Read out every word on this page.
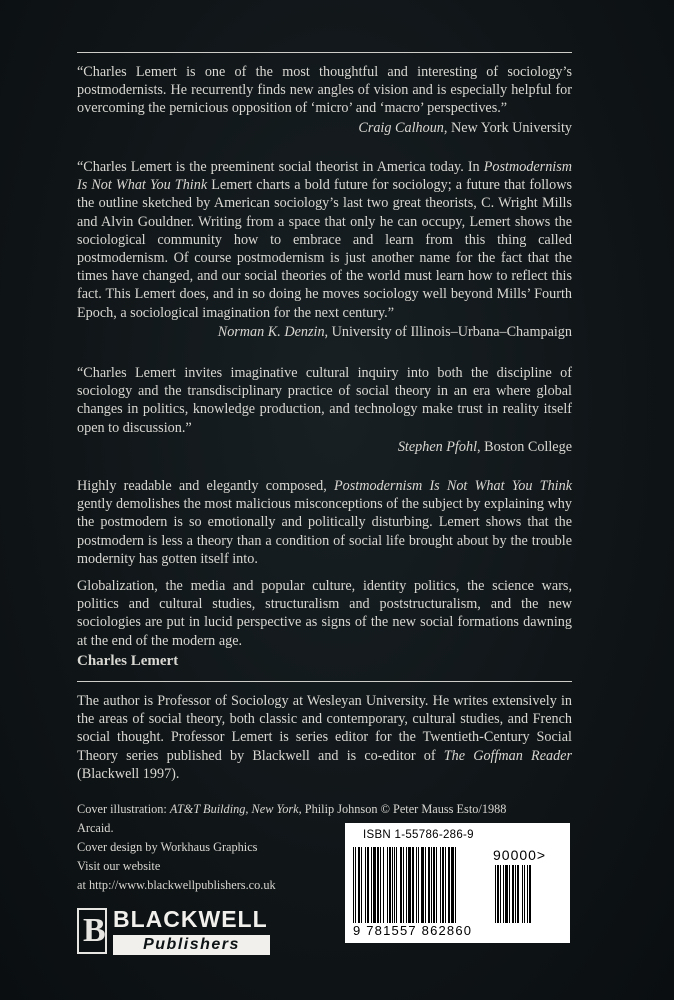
“Charles Lemert is one of the most thoughtful and interesting of sociology’s postmodernists. He recurrently finds new angles of vision and is especially helpful for overcoming the pernicious opposition of ‘micro’ and ‘macro’ perspectives.”

Craig Calhoun, New York University

“Charles Lemert is the preeminent social theorist in America today. In Postmodernism Is Not What You Think Lemert charts a bold future for sociology; a future that follows the outline sketched by American sociology’s last two great theorists, C. Wright Mills and Alvin Gouldner. Writing from a space that only he can occupy, Lemert shows the sociological community how to embrace and learn from this thing called postmodernism. Of course postmodernism is just another name for the fact that the times have changed, and our social theories of the world must learn how to reflect this fact. This Lemert does, and in so doing he moves sociology well beyond Mills’ Fourth Epoch, a sociological imagination for the next century.”

Norman K. Denzin, University of Illinois–Urbana–Champaign

“Charles Lemert invites imaginative cultural inquiry into both the discipline of sociology and the transdisciplinary practice of social theory in an era where global changes in politics, knowledge production, and technology make trust in reality itself open to discussion.”

Stephen Pfohl, Boston College

Highly readable and elegantly composed, Postmodernism Is Not What You Think gently demolishes the most malicious misconceptions of the subject by explaining why the postmodern is so emotionally and politically disturbing. Lemert shows that the postmodern is less a theory than a condition of social life brought about by the trouble modernity has gotten itself into.

Globalization, the media and popular culture, identity politics, the science wars, politics and cultural studies, structuralism and poststructuralism, and the new sociologies are put in lucid perspective as signs of the new social formations dawning at the end of the modern age.

Charles Lemert

The author is Professor of Sociology at Wesleyan University. He writes extensively in the areas of social theory, both classic and contemporary, cultural studies, and French social thought. Professor Lemert is series editor for the Twentieth-Century Social Theory series published by Blackwell and is co-editor of The Goffman Reader (Blackwell 1997).

Cover illustration: AT&T Building, New York, Philip Johnson © Peter Mauss Esto/1988 Arcaid.

Cover design by Workhaus Graphics

Visit our website

at http://www.blackwellpublishers.co.uk

ISBN 1-55786-286-9
90000>
9 781557 862860
B BLACKWELL
Publishers
